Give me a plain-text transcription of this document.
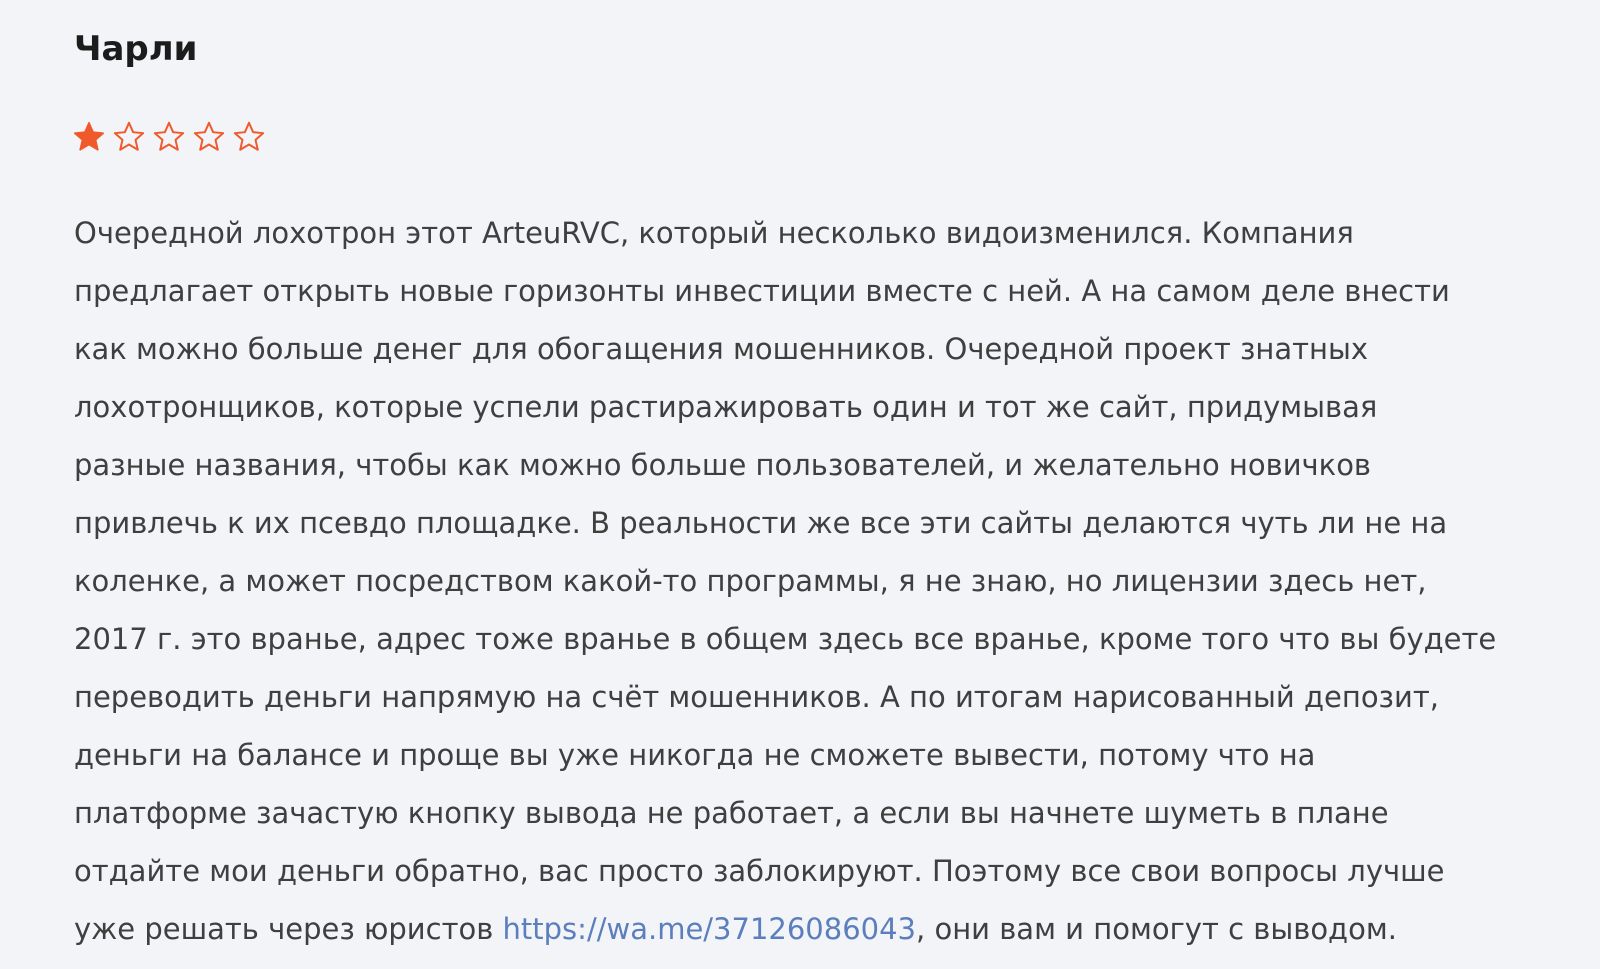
Чарли
Очередной лохотрон этот ArteuRVC, который несколько видоизменился. Компания
предлагает открыть новые горизонты инвестиции вместе с ней. А на самом деле внести
как можно больше денег для обогащения мошенников. Очередной проект знатных
лохотронщиков, которые успели растиражировать один и тот же сайт, придумывая
разные названия, чтобы как можно больше пользователей, и желательно новичков
привлечь к их псевдо площадке. В реальности же все эти сайты делаются чуть ли не на
коленке, а может посредством какой-то программы, я не знаю, но лицензии здесь нет,
2017 г. это вранье, адрес тоже вранье в общем здесь все вранье, кроме того что вы будете
переводить деньги напрямую на счёт мошенников. А по итогам нарисованный депозит,
деньги на балансе и проще вы уже никогда не сможете вывести, потому что на
платформе зачастую кнопку вывода не работает, а если вы начнете шуметь в плане
отдайте мои деньги обратно, вас просто заблокируют. Поэтому все свои вопросы лучше
уже решать через юристов https://wa.me/37126086043, они вам и помогут с выводом.
